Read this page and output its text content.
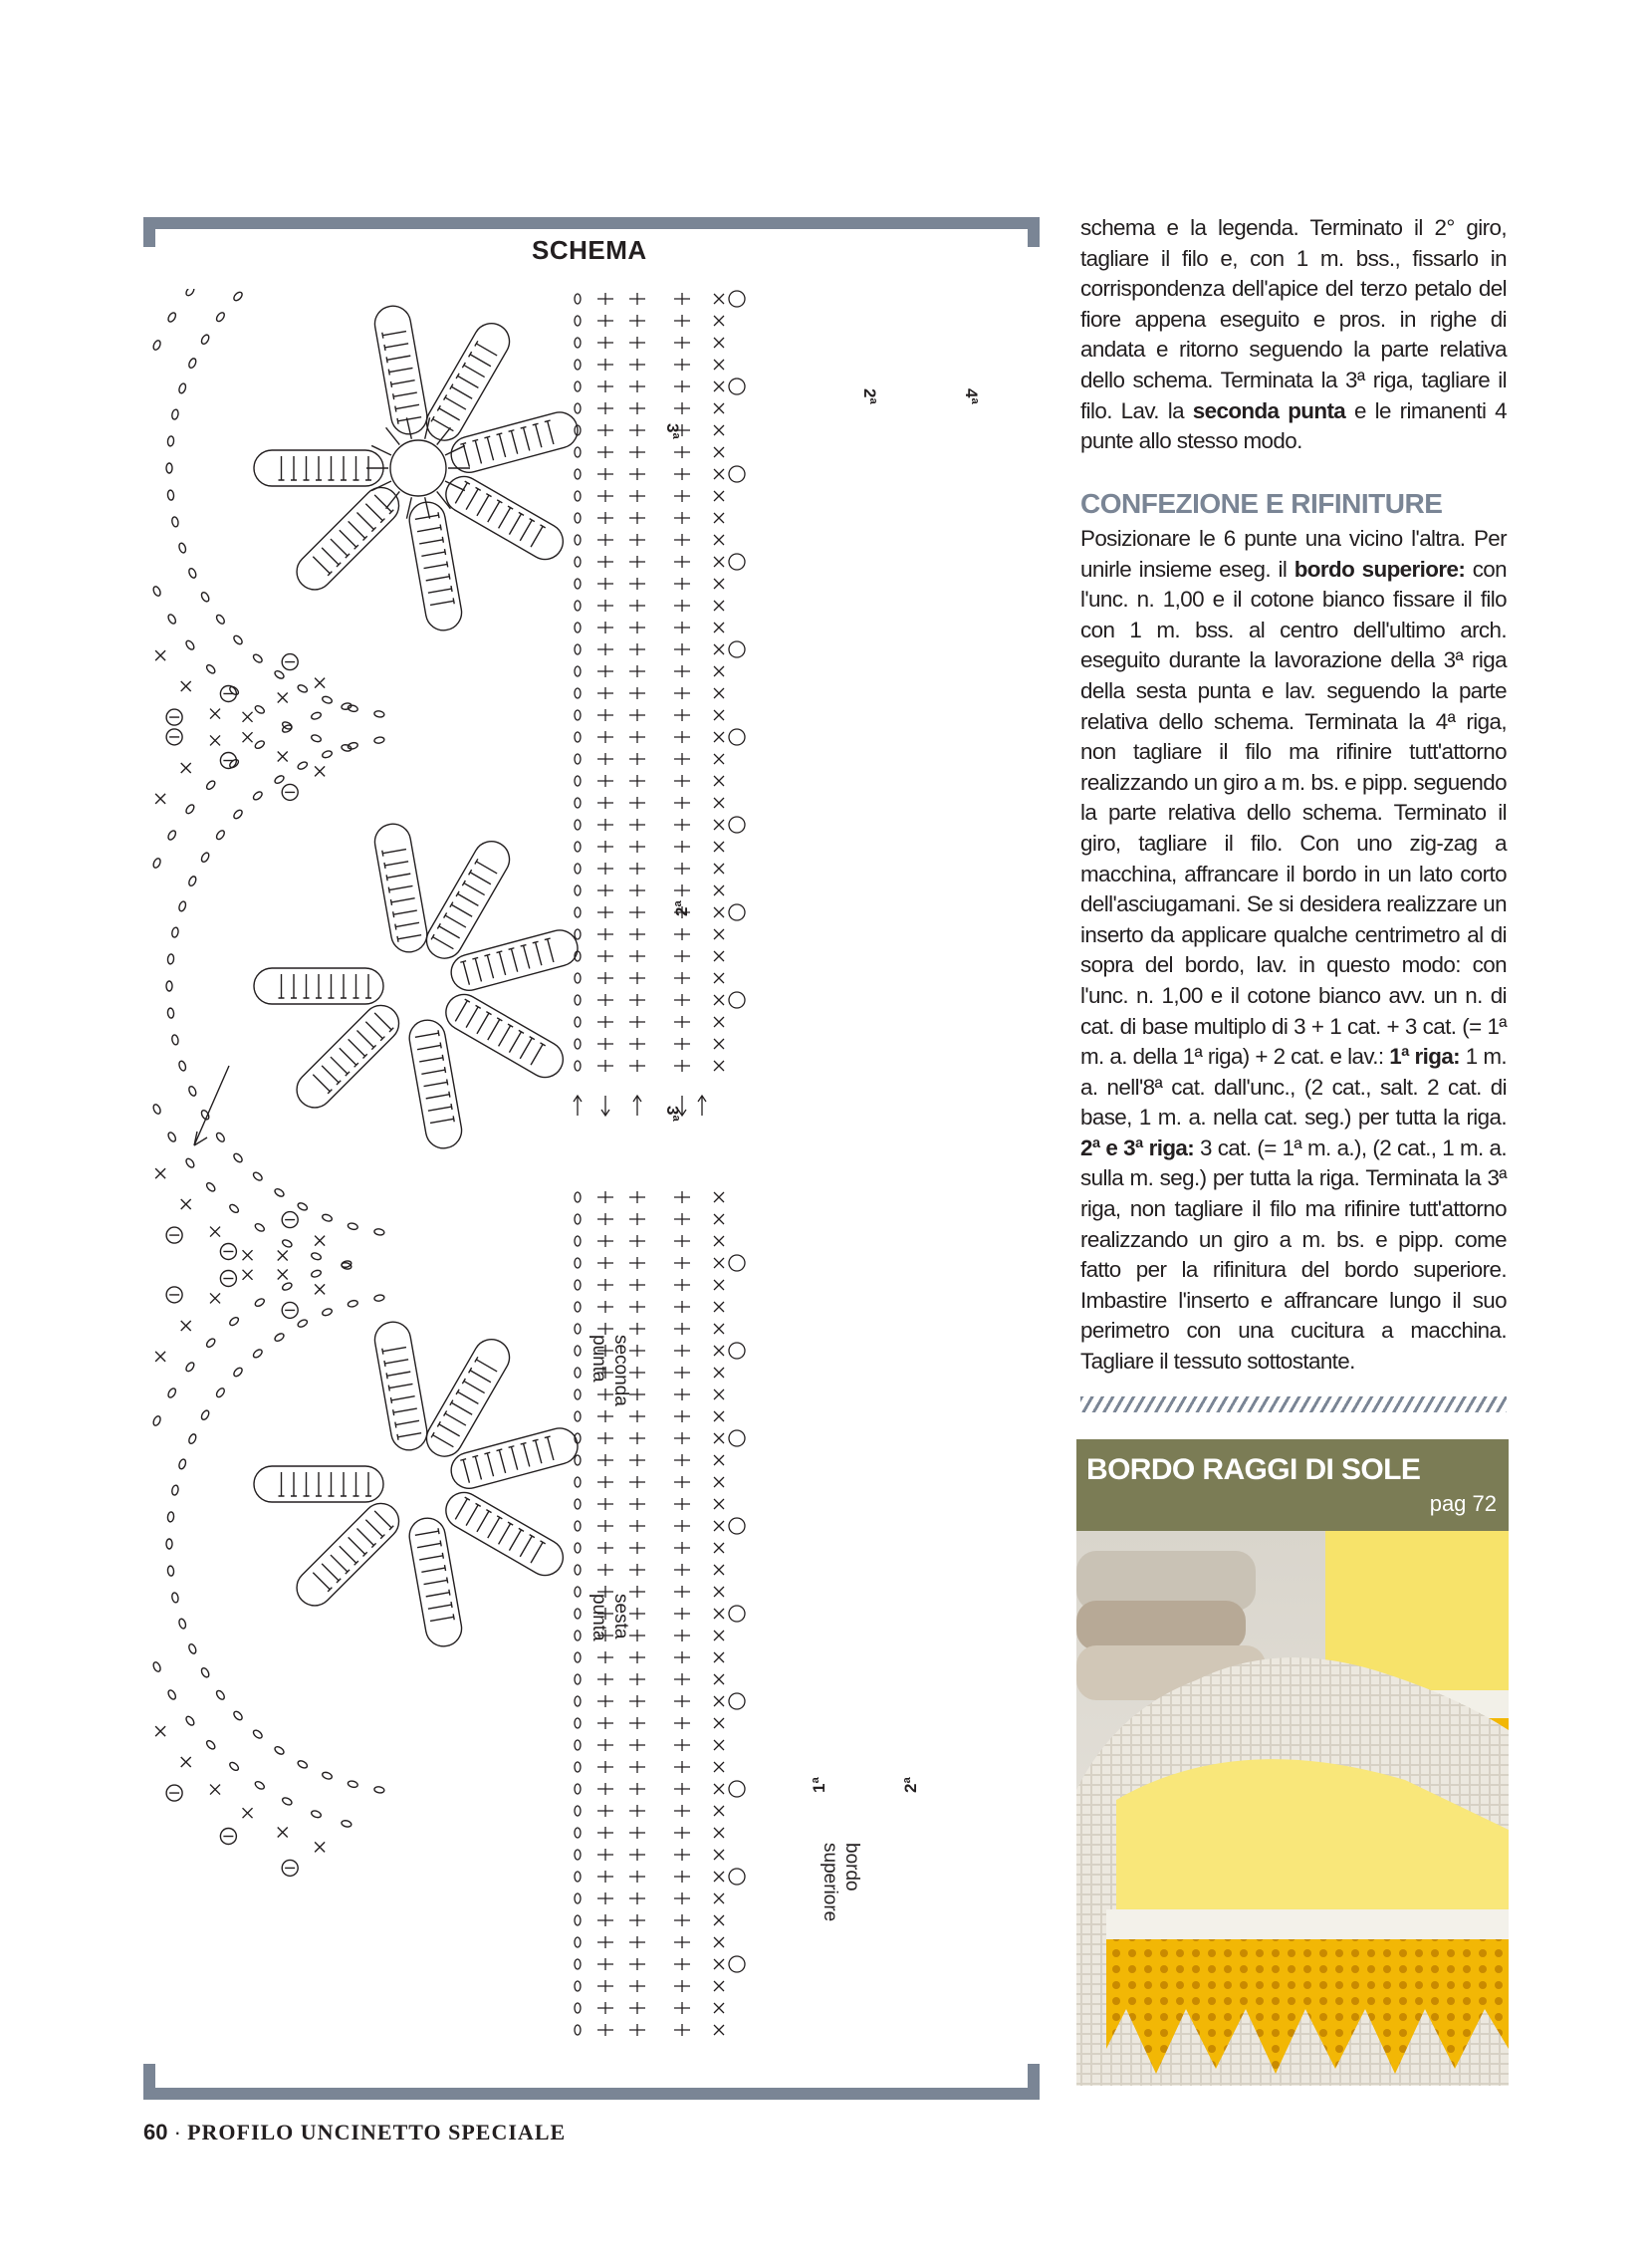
SCHEMA
seconda
punta
sesta
punta
bordo
superiore
2ª	4ª
3ª
2ª
3ª
1ª	2ª

schema e la legenda. Terminato il 2° giro, tagliare il filo e, con 1 m. bss., fissarlo in corrispondenza dell'apice del terzo petalo del fiore appena eseguito e pros. in righe di andata e ritorno seguendo la parte relativa dello schema. Terminata la 3ª riga, tagliare il filo. Lav. la seconda punta e le rimanenti 4 punte allo stesso modo.

CONFEZIONE E RIFINITURE

Posizionare le 6 punte una vicino l'altra. Per unirle insieme eseg. il bordo superiore: con l'unc. n. 1,00 e il cotone bianco fissare il filo con 1 m. bss. al centro dell'ultimo arch. eseguito durante la lavorazione della 3ª riga della sesta punta e lav. seguendo la parte relativa dello schema. Terminata la 4ª riga, non tagliare il filo ma rifinire tutt'attorno realizzando un giro a m. bs. e pipp. seguendo la parte relativa dello schema. Terminato il giro, tagliare il filo. Con uno zig-zag a macchina, affrancare il bordo in un lato corto dell'asciugamani. Se si desidera realizzare un inserto da applicare qualche centrimetro al di sopra del bordo, lav. in questo modo: con l'unc. n. 1,00 e il cotone bianco avv. un n. di cat. di base multiplo di 3 + 1 cat. + 3 cat. (= 1ª m. a. della 1ª riga) + 2 cat. e lav.: 1ª riga: 1 m. a. nell'8ª cat. dall'unc., (2 cat., salt. 2 cat. di base, 1 m. a. nella cat. seg.) per tutta la riga. 2ª e 3ª riga: 3 cat. (= 1ª m. a.), (2 cat., 1 m. a. sulla m. seg.) per tutta la riga. Terminata la 3ª riga, non tagliare il filo ma rifinire tutt'attorno realizzando un giro a m. bs. e pipp. come fatto per la rifinitura del bordo superiore. Imbastire l'inserto e affrancare lungo il suo perimetro con una cucitura a macchina. Tagliare il tessuto sottostante.

BORDO RAGGI DI SOLE
pag 72
60 · PROFILO UNCINETTO SPECIALE
